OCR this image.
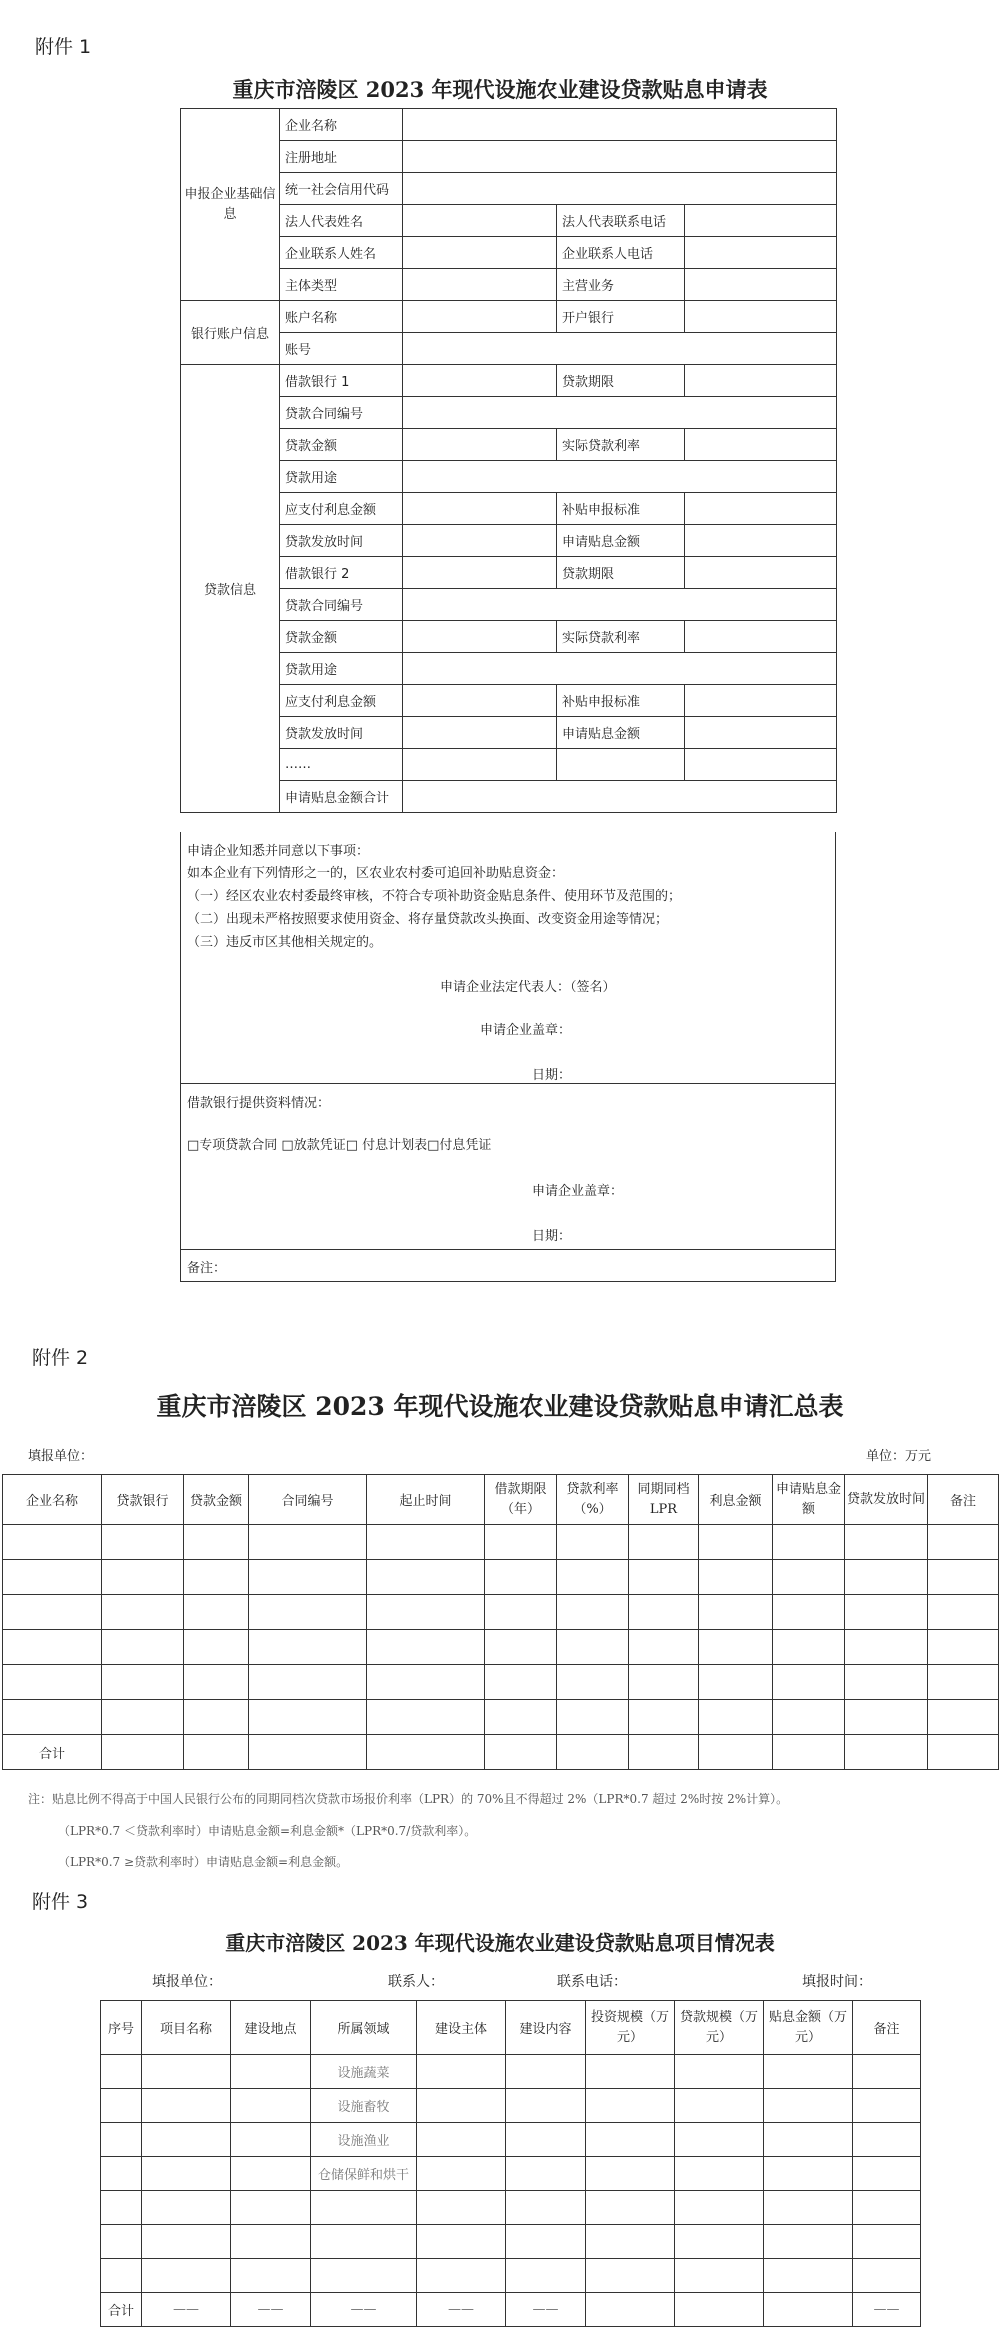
附件 1
重庆市涪陵区 2023 年现代设施农业建设贷款贴息申请表
申报企业基础信息	企业名称			
	注册地址			
	统一社会信用代码			
	法人代表姓名		法人代表联系电话	
	企业联系人姓名		企业联系人电话	
	主体类型		主营业务	
银行账户信息	账户名称		开户银行	
	账号			
贷款信息	借款银行 1		贷款期限	
	贷款合同编号			
	贷款金额		实际贷款利率	
	贷款用途			
	应支付利息金额		补贴申报标准	
	贷款发放时间		申请贴息金额	
	借款银行 2		贷款期限	
	贷款合同编号			
	贷款金额		实际贷款利率	
	贷款用途			
	应支付利息金额		补贴申报标准	
	贷款发放时间		申请贴息金额	
	……			
	申请贴息金额合计			
申请企业知悉并同意以下事项：
如本企业有下列情形之一的，区农业农村委可追回补助贴息资金：
（一）经区农业农村委最终审核，不符合专项补助资金贴息条件、使用环节及范围的；
（二）出现未严格按照要求使用资金、将存量贷款改头换面、改变资金用途等情况；
（三）违反市区其他相关规定的。
申请企业法定代表人：（签名）
申请企业盖章：
日期：
借款银行提供资料情况：
□专项贷款合同 □放款凭证□ 付息计划表□付息凭证
申请企业盖章：
日期：
备注：
附件 2
重庆市涪陵区 2023 年现代设施农业建设贷款贴息申请汇总表
填报单位：	单位：万元
企业名称	贷款银行	贷款金额	合同编号	起止时间	借款期限（年）	贷款利率（%）	同期同档LPR	利息金额	申请贴息金额	贷款发放时间	备注

合计											
注：贴息比例不得高于中国人民银行公布的同期同档次贷款市场报价利率（LPR）的 70%且不得超过 2%（LPR*0.7 超过 2%时按 2%计算）。
（LPR*0.7 ＜贷款利率时）申请贴息金额=利息金额*（LPR*0.7/贷款利率）。
（LPR*0.7 ≥贷款利率时）申请贴息金额=利息金额。
附件 3
重庆市涪陵区 2023 年现代设施农业建设贷款贴息项目情况表
填报单位：	联系人：	联系电话：	填报时间：
序号	项目名称	建设地点	所属领域	建设主体	建设内容	投资规模（万元）	贷款规模（万元）	贴息金额（万元）	备注
			设施蔬菜						
			设施畜牧						
			设施渔业						
			仓储保鲜和烘干						

合计	——	——	——	——	——				——
